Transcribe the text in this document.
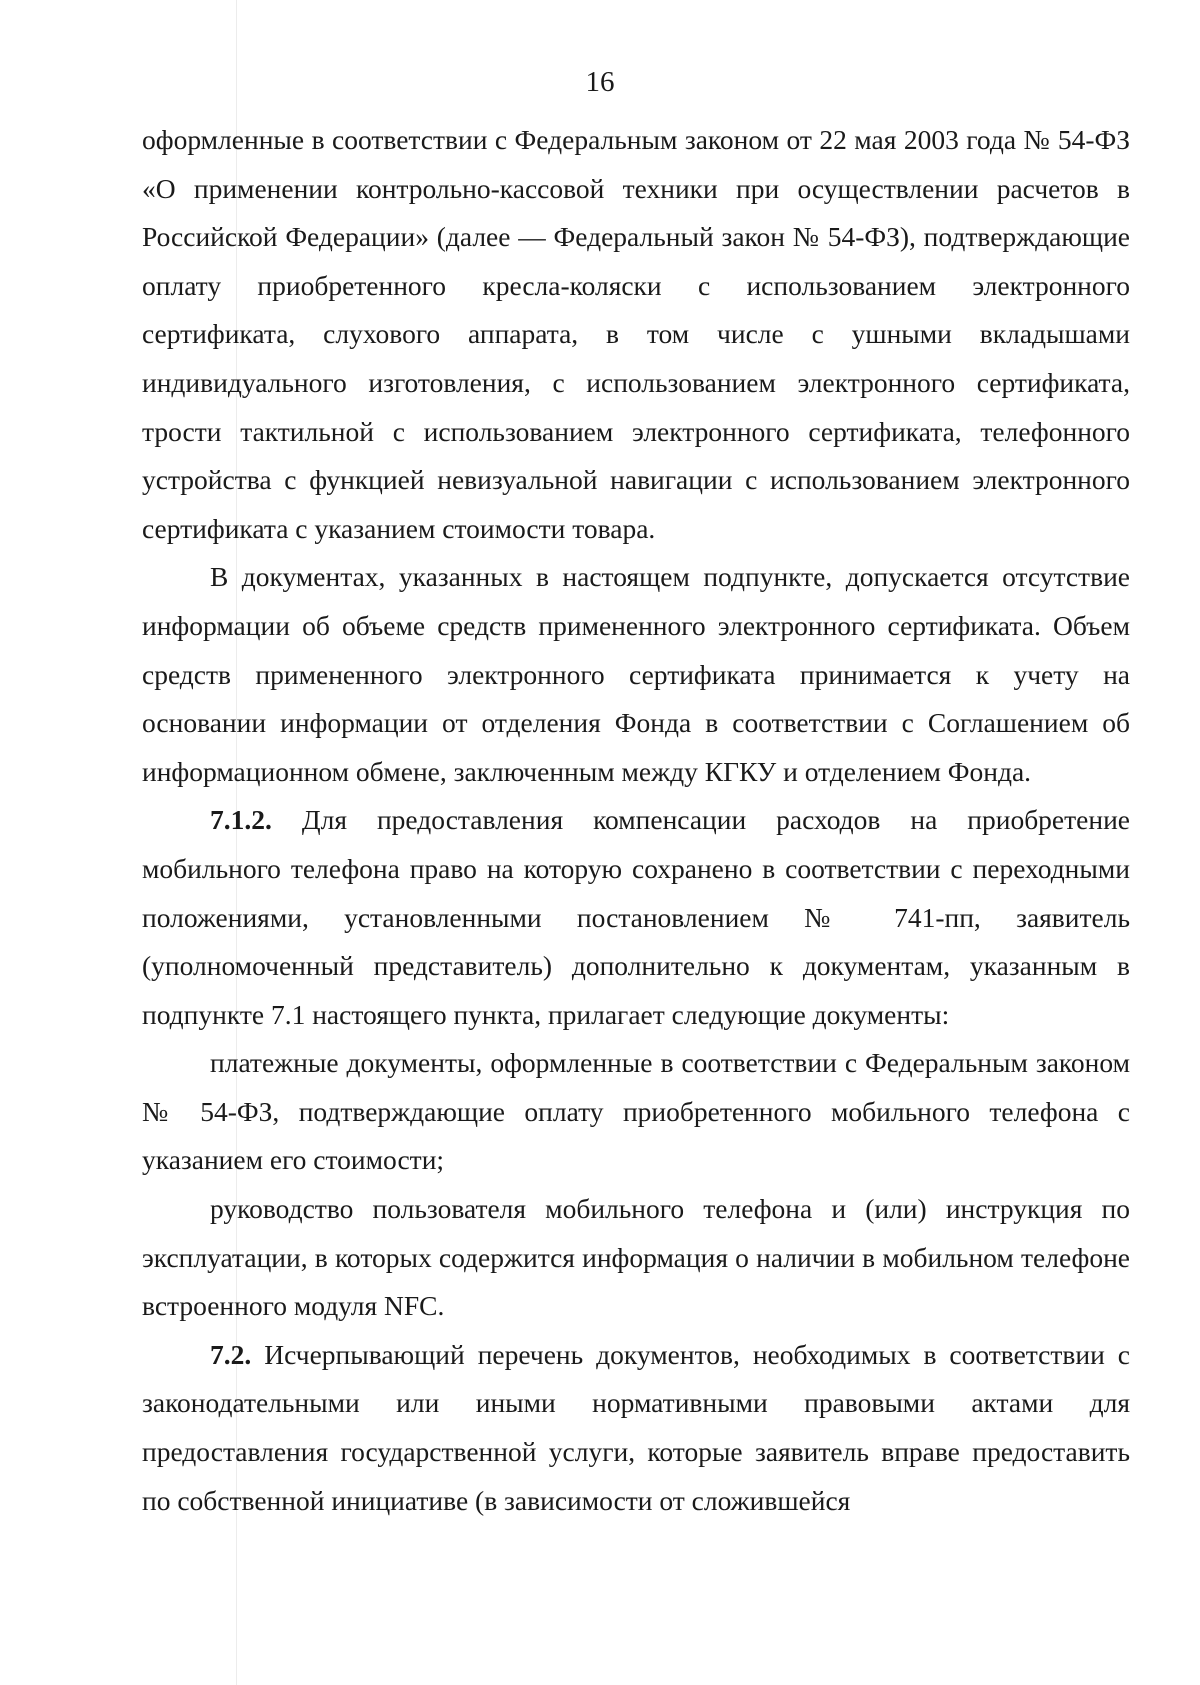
16

оформленные в соответствии с Федеральным законом от 22 мая 2003 года № 54-ФЗ «О применении контрольно-кассовой техники при осуществлении расчетов в Российской Федерации» (далее — Федеральный закон № 54-ФЗ), подтверждающие оплату приобретенного кресла-коляски с использованием электронного сертификата, слухового аппарата, в том числе с ушными вкладышами индивидуального изготовления, с использованием электронного сертификата, трости тактильной с использованием электронного сертификата, телефонного устройства с функцией невизуальной навигации с использованием электронного сертификата с указанием стоимости товара.

В документах, указанных в настоящем подпункте, допускается отсутствие информации об объеме средств примененного электронного сертификата. Объем средств примененного электронного сертификата принимается к учету на основании информации от отделения Фонда в соответствии с Соглашением об информационном обмене, заключенным между КГКУ и отделением Фонда.

7.1.2. Для предоставления компенсации расходов на приобретение мобильного телефона право на которую сохранено в соответствии с переходными положениями, установленными постановлением № 741-пп, заявитель (уполномоченный представитель) дополнительно к документам, указанным в подпункте 7.1 настоящего пункта, прилагает следующие документы:

платежные документы, оформленные в соответствии с Федеральным законом № 54-ФЗ, подтверждающие оплату приобретенного мобильного телефона с указанием его стоимости;

руководство пользователя мобильного телефона и (или) инструкция по эксплуатации, в которых содержится информация о наличии в мобильном телефоне встроенного модуля NFC.

7.2. Исчерпывающий перечень документов, необходимых в соответствии с законодательными или иными нормативными правовыми актами для предоставления государственной услуги, которые заявитель вправе предоставить по собственной инициативе (в зависимости от сложившейся
